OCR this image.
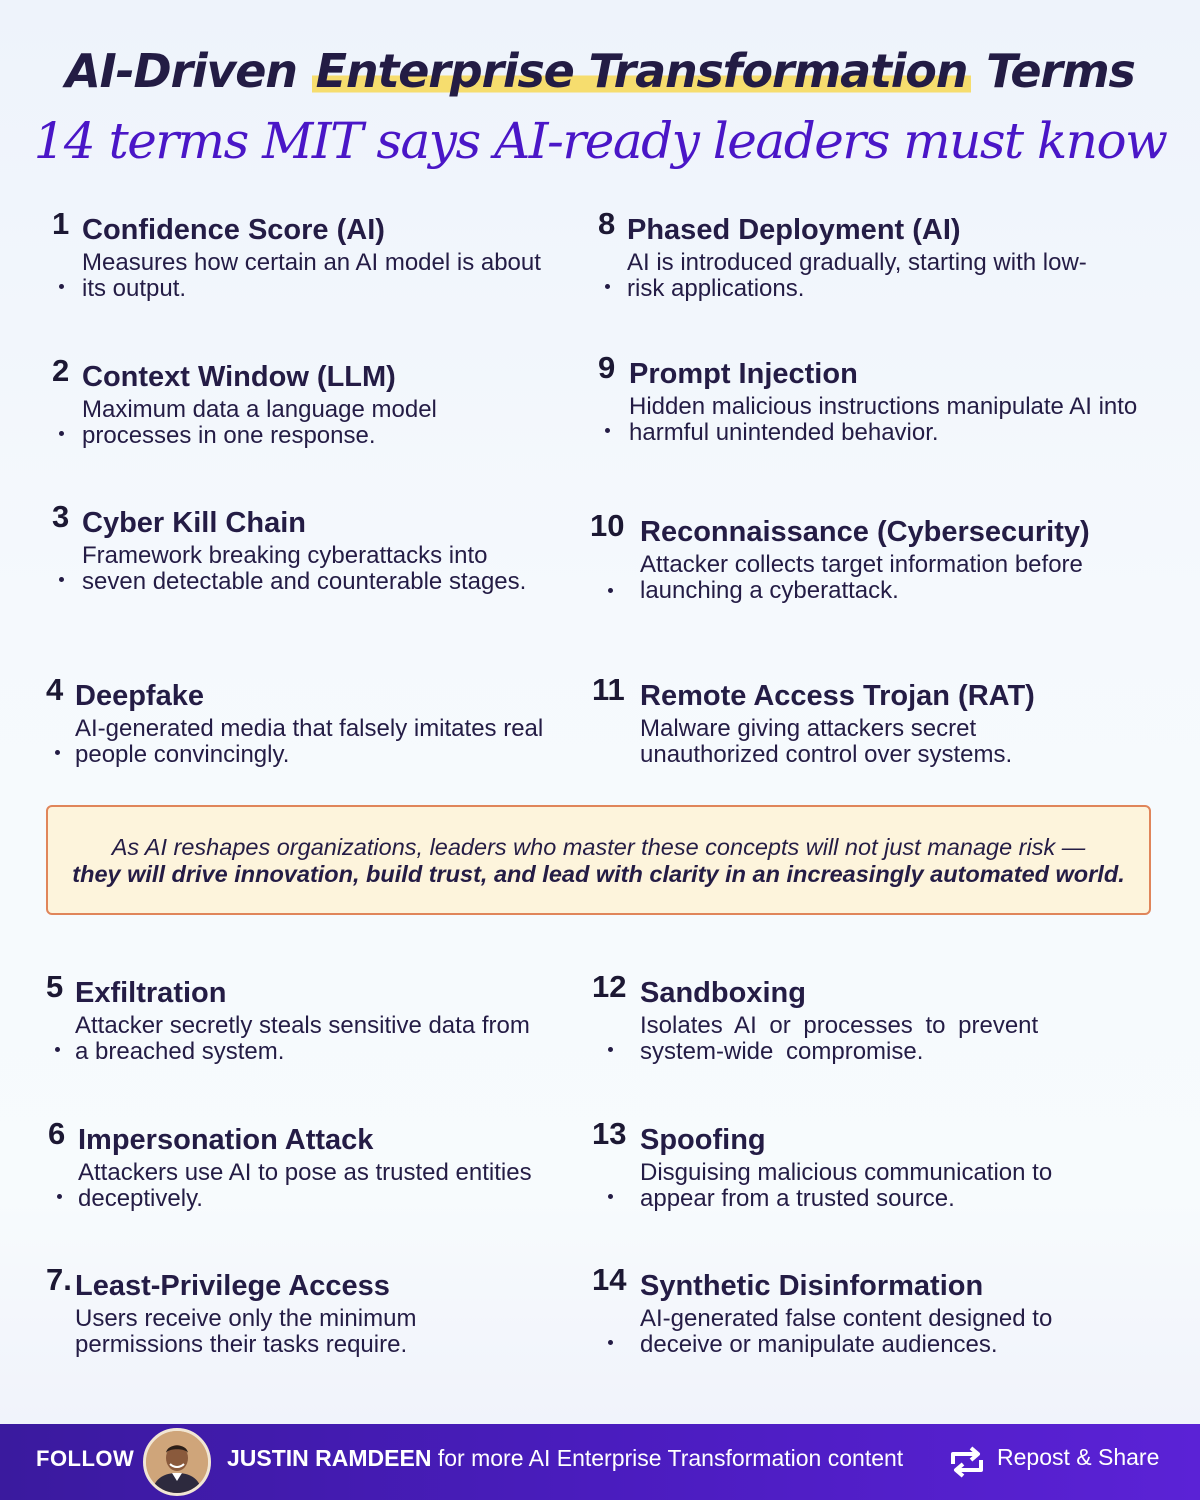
AI-Driven Enterprise Transformation Terms
14 terms MIT says AI-ready leaders must know
1 Confidence Score (AI)
Measures how certain an AI model is about its output.
2 Context Window (LLM)
Maximum data a language model processes in one response.
3 Cyber Kill Chain
Framework breaking cyberattacks into seven detectable and counterable stages.
4 Deepfake
AI-generated media that falsely imitates real people convincingly.
8 Phased Deployment (AI)
AI is introduced gradually, starting with low-risk applications.
9 Prompt Injection
Hidden malicious instructions manipulate AI into harmful unintended behavior.
10 Reconnaissance (Cybersecurity)
Attacker collects target information before launching a cyberattack.
11 Remote Access Trojan (RAT)
Malware giving attackers secret unauthorized control over systems.
As AI reshapes organizations, leaders who master these concepts will not just manage risk —
they will drive innovation, build trust, and lead with clarity in an increasingly automated world.
5 Exfiltration
Attacker secretly steals sensitive data from a breached system.
6 Impersonation Attack
Attackers use AI to pose as trusted entities deceptively.
7. Least-Privilege Access
Users receive only the minimum permissions their tasks require.
12 Sandboxing
Isolates AI or processes to prevent system-wide compromise.
13 Spoofing
Disguising malicious communication to appear from a trusted source.
14 Synthetic Disinformation
AI-generated false content designed to deceive or manipulate audiences.
FOLLOW	JUSTIN RAMDEEN for more AI Enterprise Transformation content	Repost & Share
